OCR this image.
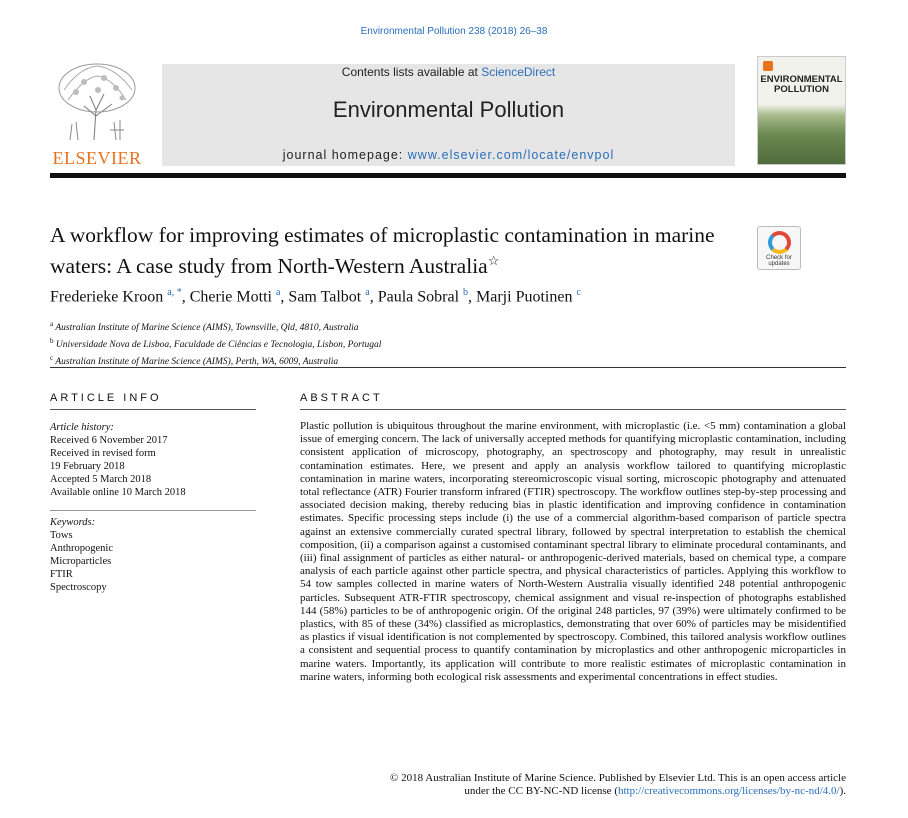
Environmental Pollution 238 (2018) 26–38
ELSEVIER
Contents lists available at ScienceDirect
Environmental Pollution
journal homepage: www.elsevier.com/locate/envpol
ENVIRONMENTAL
POLLUTION
A workflow for improving estimates of microplastic contamination in marine waters: A case study from North-Western Australia☆	Check for updates
Frederieke Kroon $^{a, *}$, Cherie Motti $^a$, Sam Talbot $^a$, Paula Sobral $^b$, Marji Puotinen $^c$
$^a$ Australian Institute of Marine Science (AIMS), Townsville, Qld, 4810, Australia
$^b$ Universidade Nova de Lisboa, Faculdade de Ciências e Tecnologia, Lisbon, Portugal
$^c$ Australian Institute of Marine Science (AIMS), Perth, WA, 6009, Australia
ARTICLE INFO
Article history:
Received 6 November 2017
Received in revised form
19 February 2018
Accepted 5 March 2018
Available online 10 March 2018
Keywords:
Tows
Anthropogenic
Microparticles
FTIR
Spectroscopy
ABSTRACT
Plastic pollution is ubiquitous throughout the marine environment, with microplastic (i.e. <5 mm) contamination a global issue of emerging concern. The lack of universally accepted methods for quantifying microplastic contamination, including consistent application of microscopy, photography, an spectroscopy and photography, may result in unrealistic contamination estimates. Here, we present and apply an analysis workflow tailored to quantifying microplastic contamination in marine waters, incorporating stereomicroscopic visual sorting, microscopic photography and attenuated total reflectance (ATR) Fourier transform infrared (FTIR) spectroscopy. The workflow outlines step-by-step processing and associated decision making, thereby reducing bias in plastic identification and improving confidence in contamination estimates. Specific processing steps include (i) the use of a commercial algorithm-based comparison of particle spectra against an extensive commercially curated spectral library, followed by spectral interpretation to establish the chemical composition, (ii) a comparison against a customised contaminant spectral library to eliminate procedural contaminants, and (iii) final assignment of particles as either natural- or anthropogenic-derived materials, based on chemical type, a compare analysis of each particle against other particle spectra, and physical characteristics of particles. Applying this workflow to 54 tow samples collected in marine waters of North-Western Australia visually identified 248 potential anthropogenic particles. Subsequent ATR-FTIR spectroscopy, chemical assignment and visual re-inspection of photographs established 144 (58%) particles to be of anthropogenic origin. Of the original 248 particles, 97 (39%) were ultimately confirmed to be plastics, with 85 of these (34%) classified as microplastics, demonstrating that over 60% of particles may be misidentified as plastics if visual identification is not complemented by spectroscopy. Combined, this tailored analysis workflow outlines a consistent and sequential process to quantify contamination by microplastics and other anthropogenic microparticles in marine waters. Importantly, its application will contribute to more realistic estimates of microplastic contamination in marine waters, informing both ecological risk assessments and experimental concentrations in effect studies.
© 2018 Australian Institute of Marine Science. Published by Elsevier Ltd. This is an open access article
under the CC BY-NC-ND license (http://creativecommons.org/licenses/by-nc-nd/4.0/).
